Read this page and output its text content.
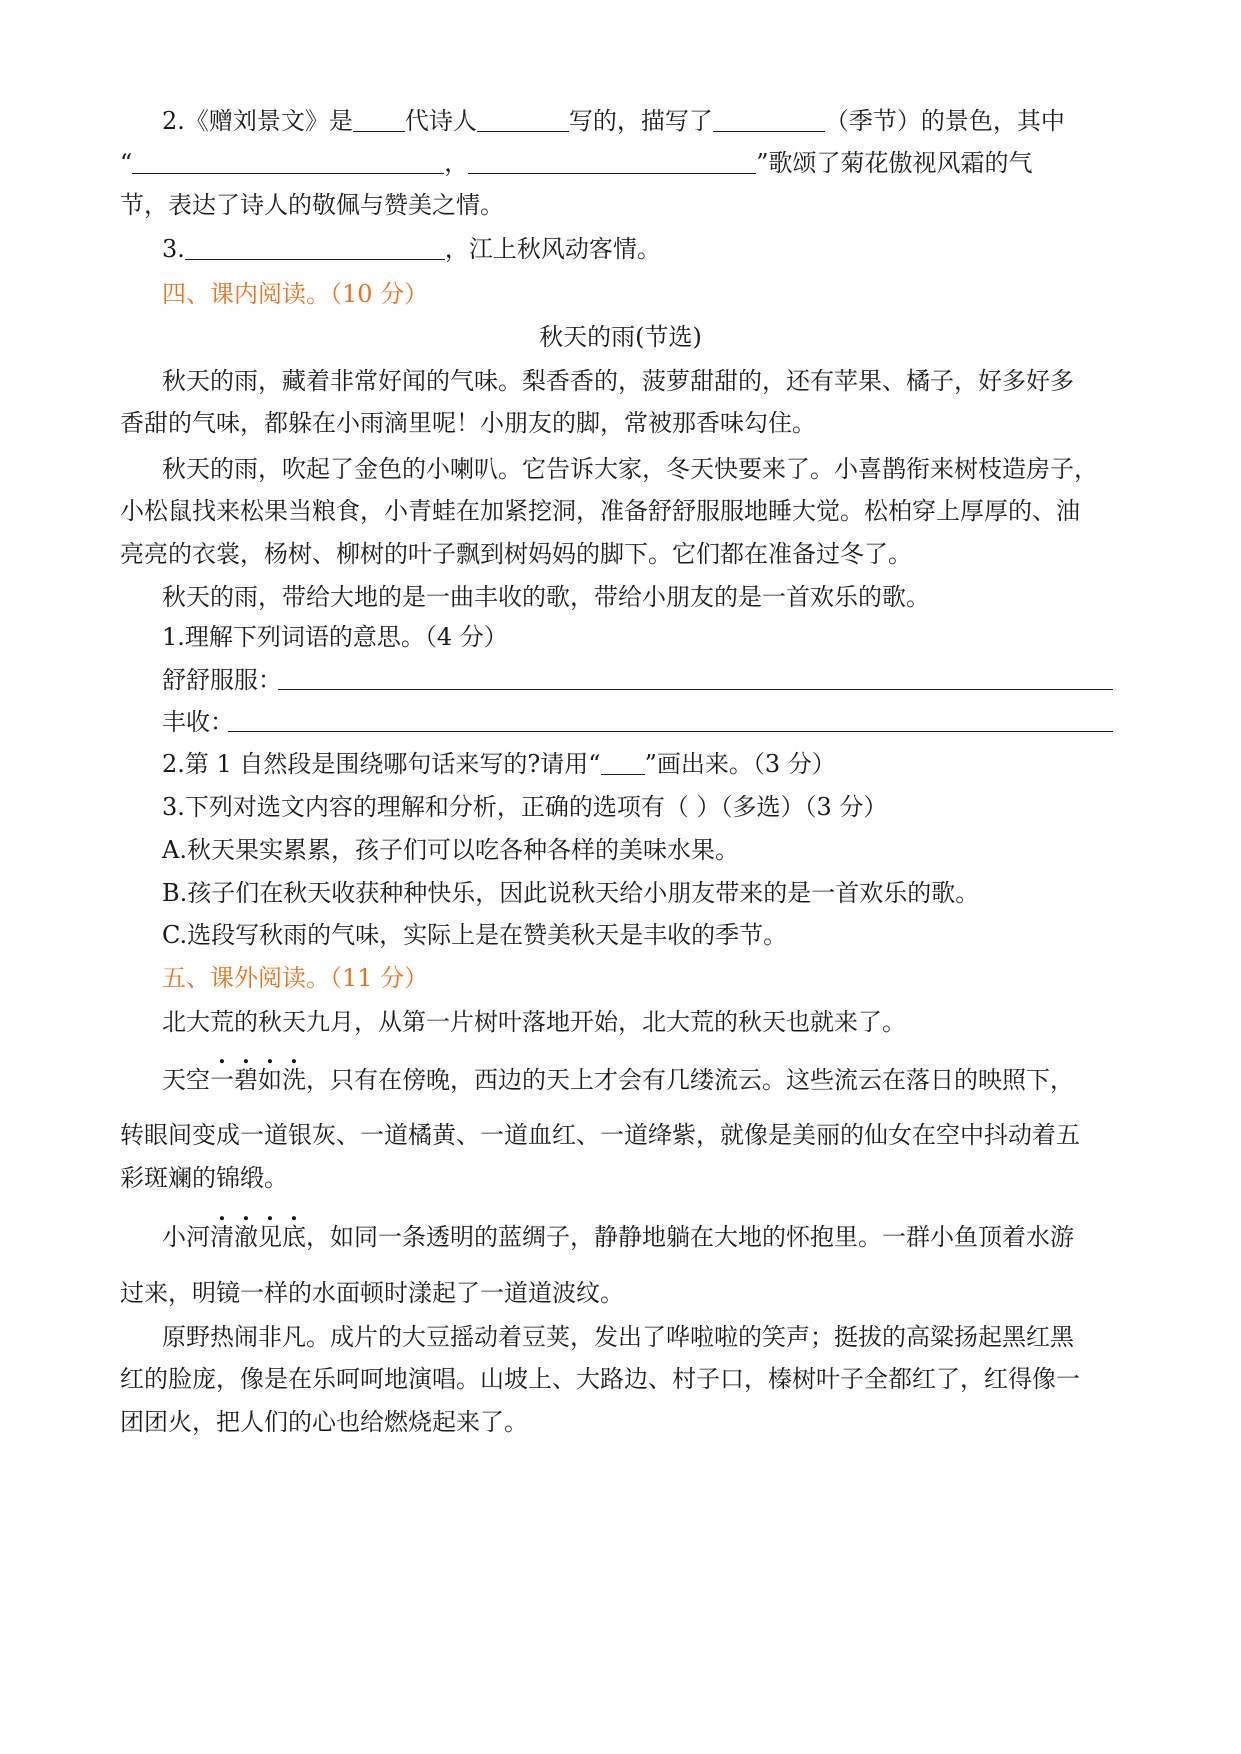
2.《赠刘景文》是 代诗人	写的，描写了	（季节）的景色，其中
“	，	”歌颂了菊花傲视风霜的气
节，表达了诗人的敬佩与赞美之情。
3.	，江上秋风动客情。
四、课内阅读。（10 分）
秋天的雨(节选)
秋天的雨，藏着非常好闻的气味。梨香香的，菠萝甜甜的，还有苹果、橘子，好多好多
香甜的气味，都躲在小雨滴里呢！小朋友的脚，常被那香味勾住。
秋天的雨，吹起了金色的小喇叭。它告诉大家，冬天快要来了。小喜鹊衔来树枝造房子，
小松鼠找来松果当粮食，小青蛙在加紧挖洞，准备舒舒服服地睡大觉。松柏穿上厚厚的、油
亮亮的衣裳，杨树、柳树的叶子飘到树妈妈的脚下。它们都在准备过冬了。
秋天的雨，带给大地的是一曲丰收的歌，带给小朋友的是一首欢乐的歌。
1.理解下列词语的意思。（4 分）
舒舒服服：
丰收：
2.第 1 自然段是围绕哪句话来写的?请用“ ”画出来。（3 分）
3.下列对选文内容的理解和分析，正确的选项有（ ）（多选）（3 分）
A.秋天果实累累，孩子们可以吃各种各样的美味水果。
B.孩子们在秋天收获种种快乐，因此说秋天给小朋友带来的是一首欢乐的歌。
C.选段写秋雨的气味，实际上是在赞美秋天是丰收的季节。
五、课外阅读。（11 分）
北大荒的秋天九月，从第一片树叶落地开始，北大荒的秋天也就来了。
天空一碧如洗，只有在傍晚，西边的天上才会有几缕流云。这些流云在落日的映照下，
转眼间变成一道银灰、一道橘黄、一道血红、一道绛紫，就像是美丽的仙女在空中抖动着五
彩斑斓的锦缎。
小河清澈见底，如同一条透明的蓝绸子，静静地躺在大地的怀抱里。一群小鱼顶着水游
过来，明镜一样的水面顿时漾起了一道道波纹。
原野热闹非凡。成片的大豆摇动着豆荚，发出了哗啦啦的笑声；挺拔的高粱扬起黑红黑
红的脸庞，像是在乐呵呵地演唱。山坡上、大路边、村子口，榛树叶子全都红了，红得像一
团团火，把人们的心也给燃烧起来了。
